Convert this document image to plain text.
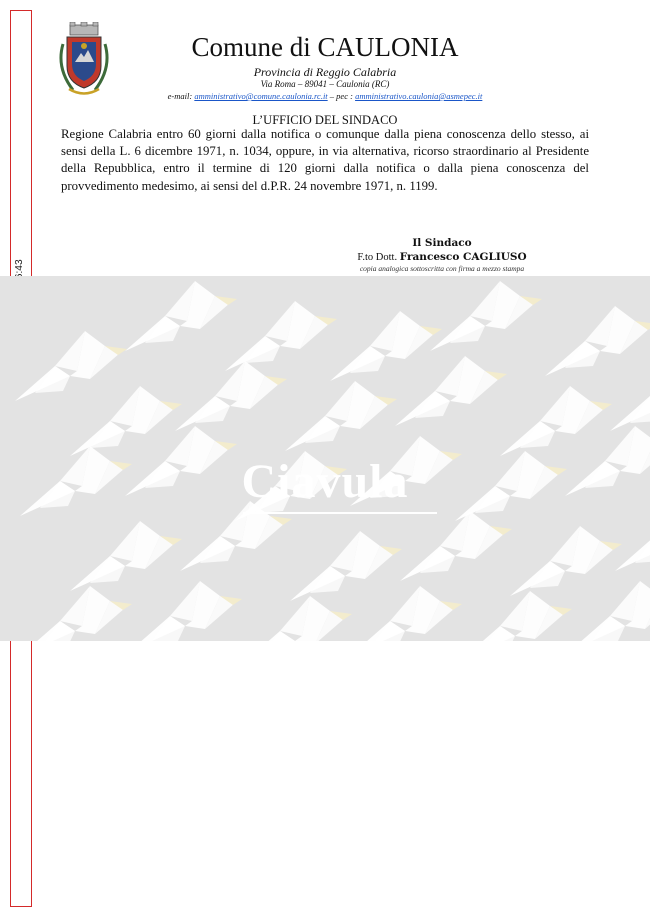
Comune di CAULONIA
Provincia di Reggio Calabria
Via Roma – 89041 – Caulonia (RC)
e-mail: amministrativo@comune.caulonia.rc.it – pec : amministrativo.caulonia@asmepec.it
L’UFFICIO DEL SINDACO
Regione Calabria entro 60 giorni dalla notifica o comunque dalla piena conoscenza dello stesso, ai sensi della L. 6 dicembre 1971, n. 1034, oppure, in via alternativa, ricorso straordinario al Presidente della Repubblica, entro il termine di 120 giorni dalla notifica o dalla piena conoscenza del provvedimento medesimo, ai sensi del d.P.R. 24 novembre 1971, n. 1199.
Il Sindaco
F.to Dott. Francesco CAGLIUSO
copia analogica sottoscritta con firma a mezzo stampa
Ciavula
